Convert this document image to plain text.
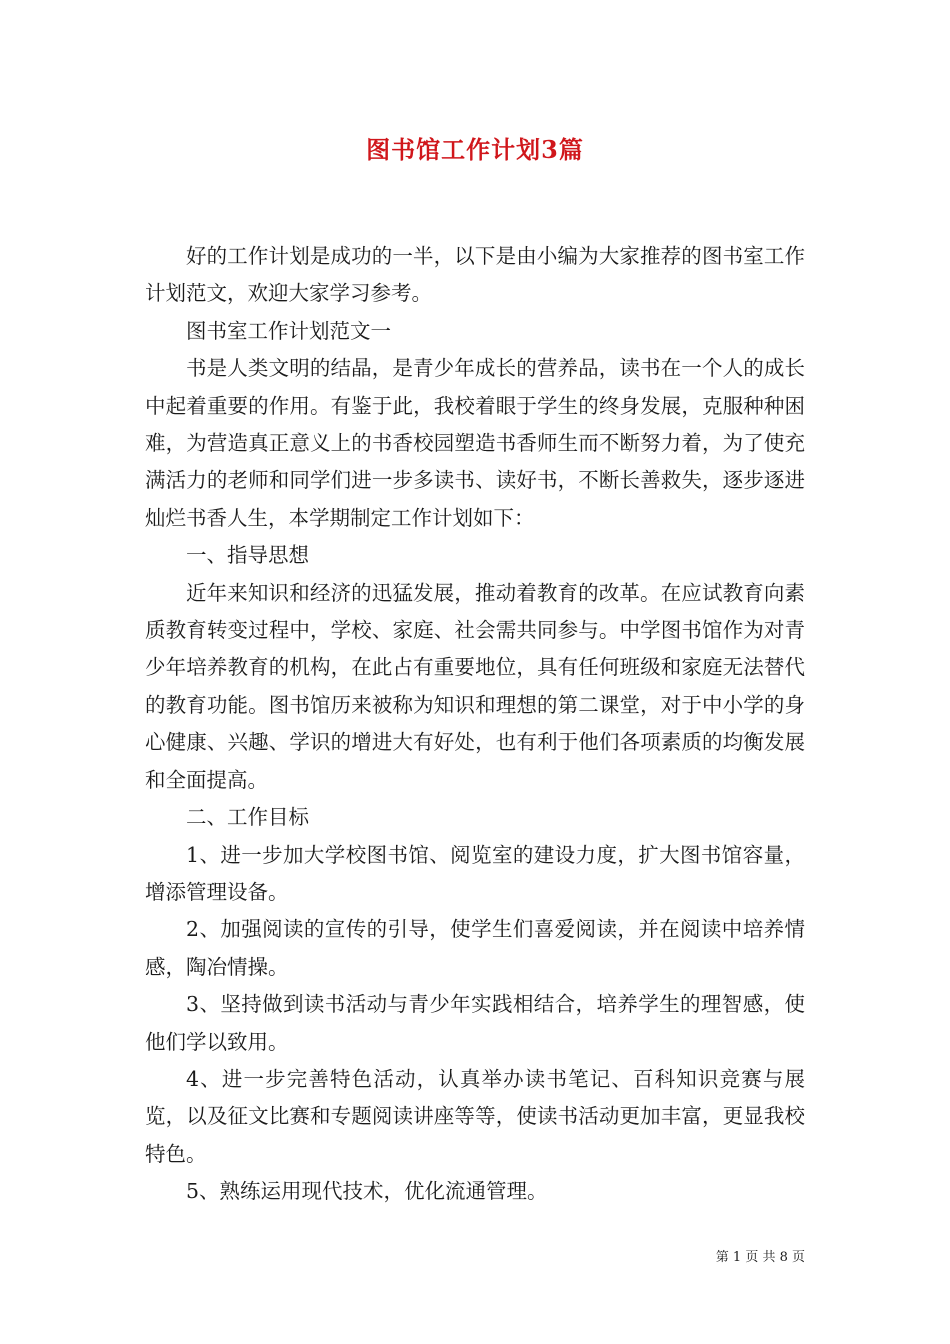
图书馆工作计划3篇

好的工作计划是成功的一半，以下是由小编为大家推荐的图书室工作计划范文，欢迎大家学习参考。

图书室工作计划范文一

书是人类文明的结晶，是青少年成长的营养品，读书在一个人的成长中起着重要的作用。有鉴于此，我校着眼于学生的终身发展，克服种种困难，为营造真正意义上的书香校园塑造书香师生而不断努力着，为了使充满活力的老师和同学们进一步多读书、读好书，不断长善救失，逐步逐进灿烂书香人生，本学期制定工作计划如下：

一、指导思想

近年来知识和经济的迅猛发展，推动着教育的改革。在应试教育向素质教育转变过程中，学校、家庭、社会需共同参与。中学图书馆作为对青少年培养教育的机构，在此占有重要地位，具有任何班级和家庭无法替代的教育功能。图书馆历来被称为知识和理想的第二课堂，对于中小学的身心健康、兴趣、学识的增进大有好处，也有利于他们各项素质的均衡发展和全面提高。

二、工作目标

1、进一步加大学校图书馆、阅览室的建设力度，扩大图书馆容量，增添管理设备。

2、加强阅读的宣传的引导，使学生们喜爱阅读，并在阅读中培养情感，陶冶情操。

3、坚持做到读书活动与青少年实践相结合，培养学生的理智感，使他们学以致用。

4、进一步完善特色活动，认真举办读书笔记、百科知识竞赛与展览，以及征文比赛和专题阅读讲座等等，使读书活动更加丰富，更显我校特色。

5、熟练运用现代技术，优化流通管理。

第 1 页 共 8 页
